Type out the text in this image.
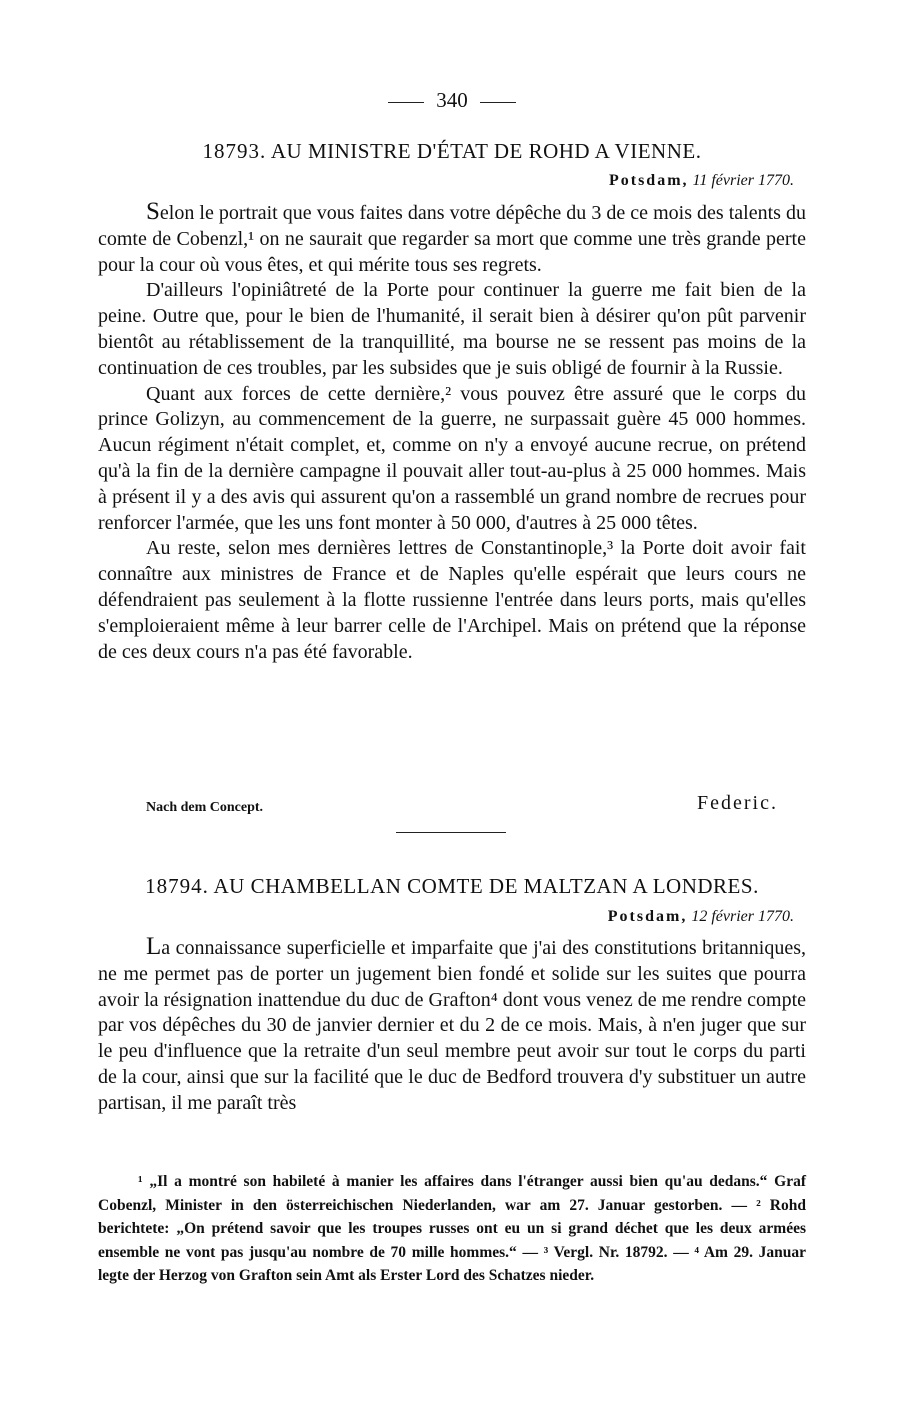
340
18793. AU MINISTRE D'ÉTAT DE ROHD A VIENNE.
Potsdam, 11 février 1770.

Selon le portrait que vous faites dans votre dépêche du 3 de ce mois des talents du comte de Cobenzl,¹ on ne saurait que regarder sa mort que comme une très grande perte pour la cour où vous êtes, et qui mérite tous ses regrets.

D'ailleurs l'opiniâtreté de la Porte pour continuer la guerre me fait bien de la peine. Outre que, pour le bien de l'humanité, il serait bien à désirer qu'on pût parvenir bientôt au rétablissement de la tranquillité, ma bourse ne se ressent pas moins de la continuation de ces troubles, par les subsides que je suis obligé de fournir à la Russie.

Quant aux forces de cette dernière,² vous pouvez être assuré que le corps du prince Golizyn, au commencement de la guerre, ne surpassait guère 45 000 hommes. Aucun régiment n'était complet, et, comme on n'y a envoyé aucune recrue, on prétend qu'à la fin de la dernière campagne il pouvait aller tout-au-plus à 25 000 hommes. Mais à présent il y a des avis qui assurent qu'on a rassemblé un grand nombre de recrues pour renforcer l'armée, que les uns font monter à 50 000, d'autres à 25 000 têtes.

Au reste, selon mes dernières lettres de Constantinople,³ la Porte doit avoir fait connaître aux ministres de France et de Naples qu'elle espérait que leurs cours ne défendraient pas seulement à la flotte russienne l'entrée dans leurs ports, mais qu'elles s'emploieraient même à leur barrer celle de l'Archipel. Mais on prétend que la réponse de ces deux cours n'a pas été favorable.

Nach dem Concept.	Federic.
18794. AU CHAMBELLAN COMTE DE MALTZAN A LONDRES.
Potsdam, 12 février 1770.

La connaissance superficielle et imparfaite que j'ai des constitutions britanniques, ne me permet pas de porter un jugement bien fondé et solide sur les suites que pourra avoir la résignation inattendue du duc de Grafton⁴ dont vous venez de me rendre compte par vos dépêches du 30 de janvier dernier et du 2 de ce mois. Mais, à n'en juger que sur le peu d'influence que la retraite d'un seul membre peut avoir sur tout le corps du parti de la cour, ainsi que sur la facilité que le duc de Bedford trouvera d'y substituer un autre partisan, il me paraît très

¹ „Il a montré son habileté à manier les affaires dans l'étranger aussi bien qu'au dedans.“ Graf Cobenzl, Minister in den österreichischen Niederlanden, war am 27. Januar gestorben. — ² Rohd berichtete: „On prétend savoir que les troupes russes ont eu un si grand déchet que les deux armées ensemble ne vont pas jusqu'au nombre de 70 mille hommes.“ — ³ Vergl. Nr. 18792. — ⁴ Am 29. Januar legte der Herzog von Grafton sein Amt als Erster Lord des Schatzes nieder.
